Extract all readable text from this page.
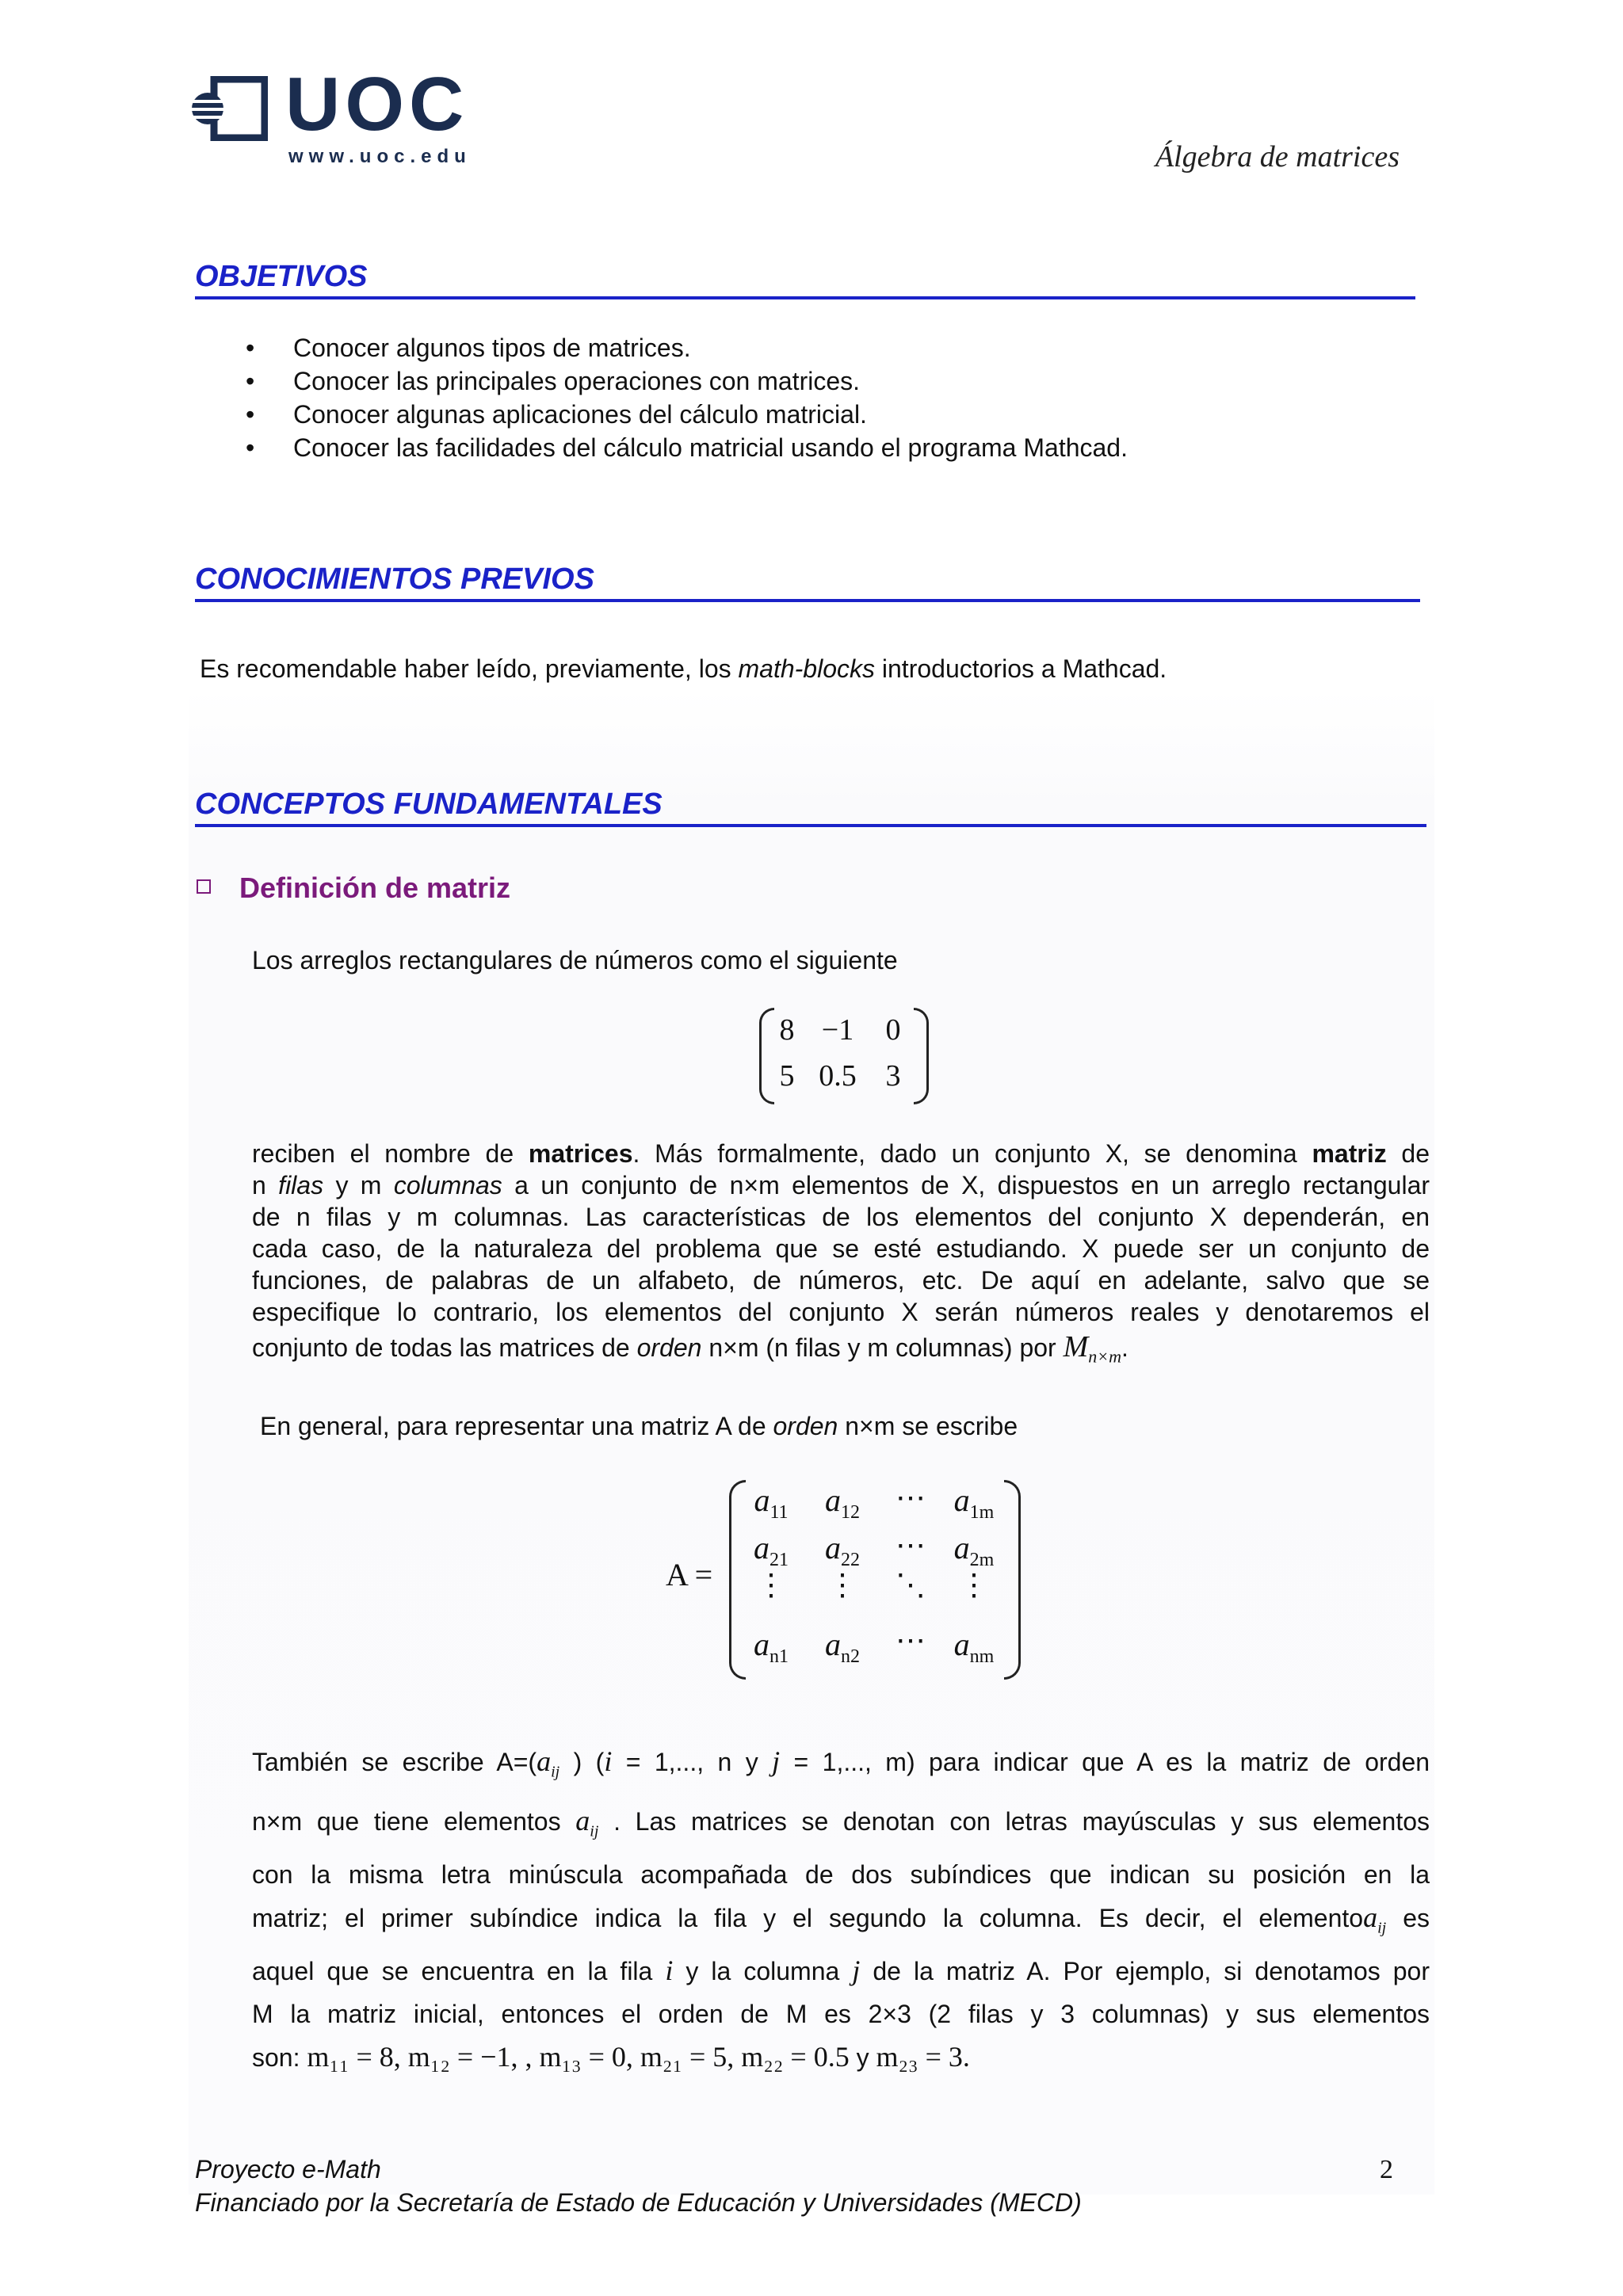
UOC
www.uoc.edu	Álgebra de matrices
OBJETIVOS
• Conocer algunos tipos de matrices.
• Conocer las principales operaciones con matrices.
• Conocer algunas aplicaciones del cálculo matricial.
• Conocer las facilidades del cálculo matricial usando el programa Mathcad.
CONOCIMIENTOS PREVIOS
Es recomendable haber leído, previamente, los math-blocks introductorios a Mathcad.
CONCEPTOS FUNDAMENTALES
Definición de matriz
Los arreglos rectangulares de números como el siguiente
8 −1	0
5 0.5 3
reciben el nombre de matrices. Más formalmente, dado un conjunto X, se denomina matriz de
n filas y m columnas a un conjunto de n×m elementos de X, dispuestos en un arreglo rectangular
de n filas y m columnas. Las características de los elementos del conjunto X dependerán, en
cada caso, de la naturaleza del problema que se esté estudiando. X puede ser un conjunto de
funciones, de palabras de un alfabeto, de números, etc. De aquí en adelante, salvo que se
especifique lo contrario, los elementos del conjunto X serán números reales y denotaremos el
conjunto de todas las matrices de orden n×m (n filas y m columnas) por $M_{n\times m}$.
En general, para representar una matriz A de orden n×m se escribe
A =
$a_{11}$	$a_{12}$	⋯ $a_{1m}$
$a_{21}$	$a_{22}$	⋯ $a_{2m}$
⋮	⋮	⋱	⋮
$a_{n1}$	$a_{n2}$	⋯ $a_{nm}$
También se escribe $A=(a_{ij}$ ) (i = 1,..., n y j = 1,..., m) para indicar que A es la matriz de orden
n×m que tiene elementos $a_{ij}$ . Las matrices se denotan con letras mayúsculas y sus elementos
con la misma letra minúscula acompañada de dos subíndices que indican su posición en la
matriz; el primer subíndice indica la fila y el segundo la columna. Es decir, el elementoa$_{ij}$ es
aquel que se encuentra en la fila i y la columna j de la matriz A. Por ejemplo, si denotamos por
M la matriz inicial, entonces el orden de M es 2×3 (2 filas y 3 columnas) y sus elementos
son: m₁₁ = 8, m₁₂ = −1, , m₁₃ = 0, m₂₁ = 5, m₂₂ = 0.5 y m₂₃ = 3.
Proyecto e-Math
Financiado por la Secretaría de Estado de Educación y Universidades (MECD)
2
